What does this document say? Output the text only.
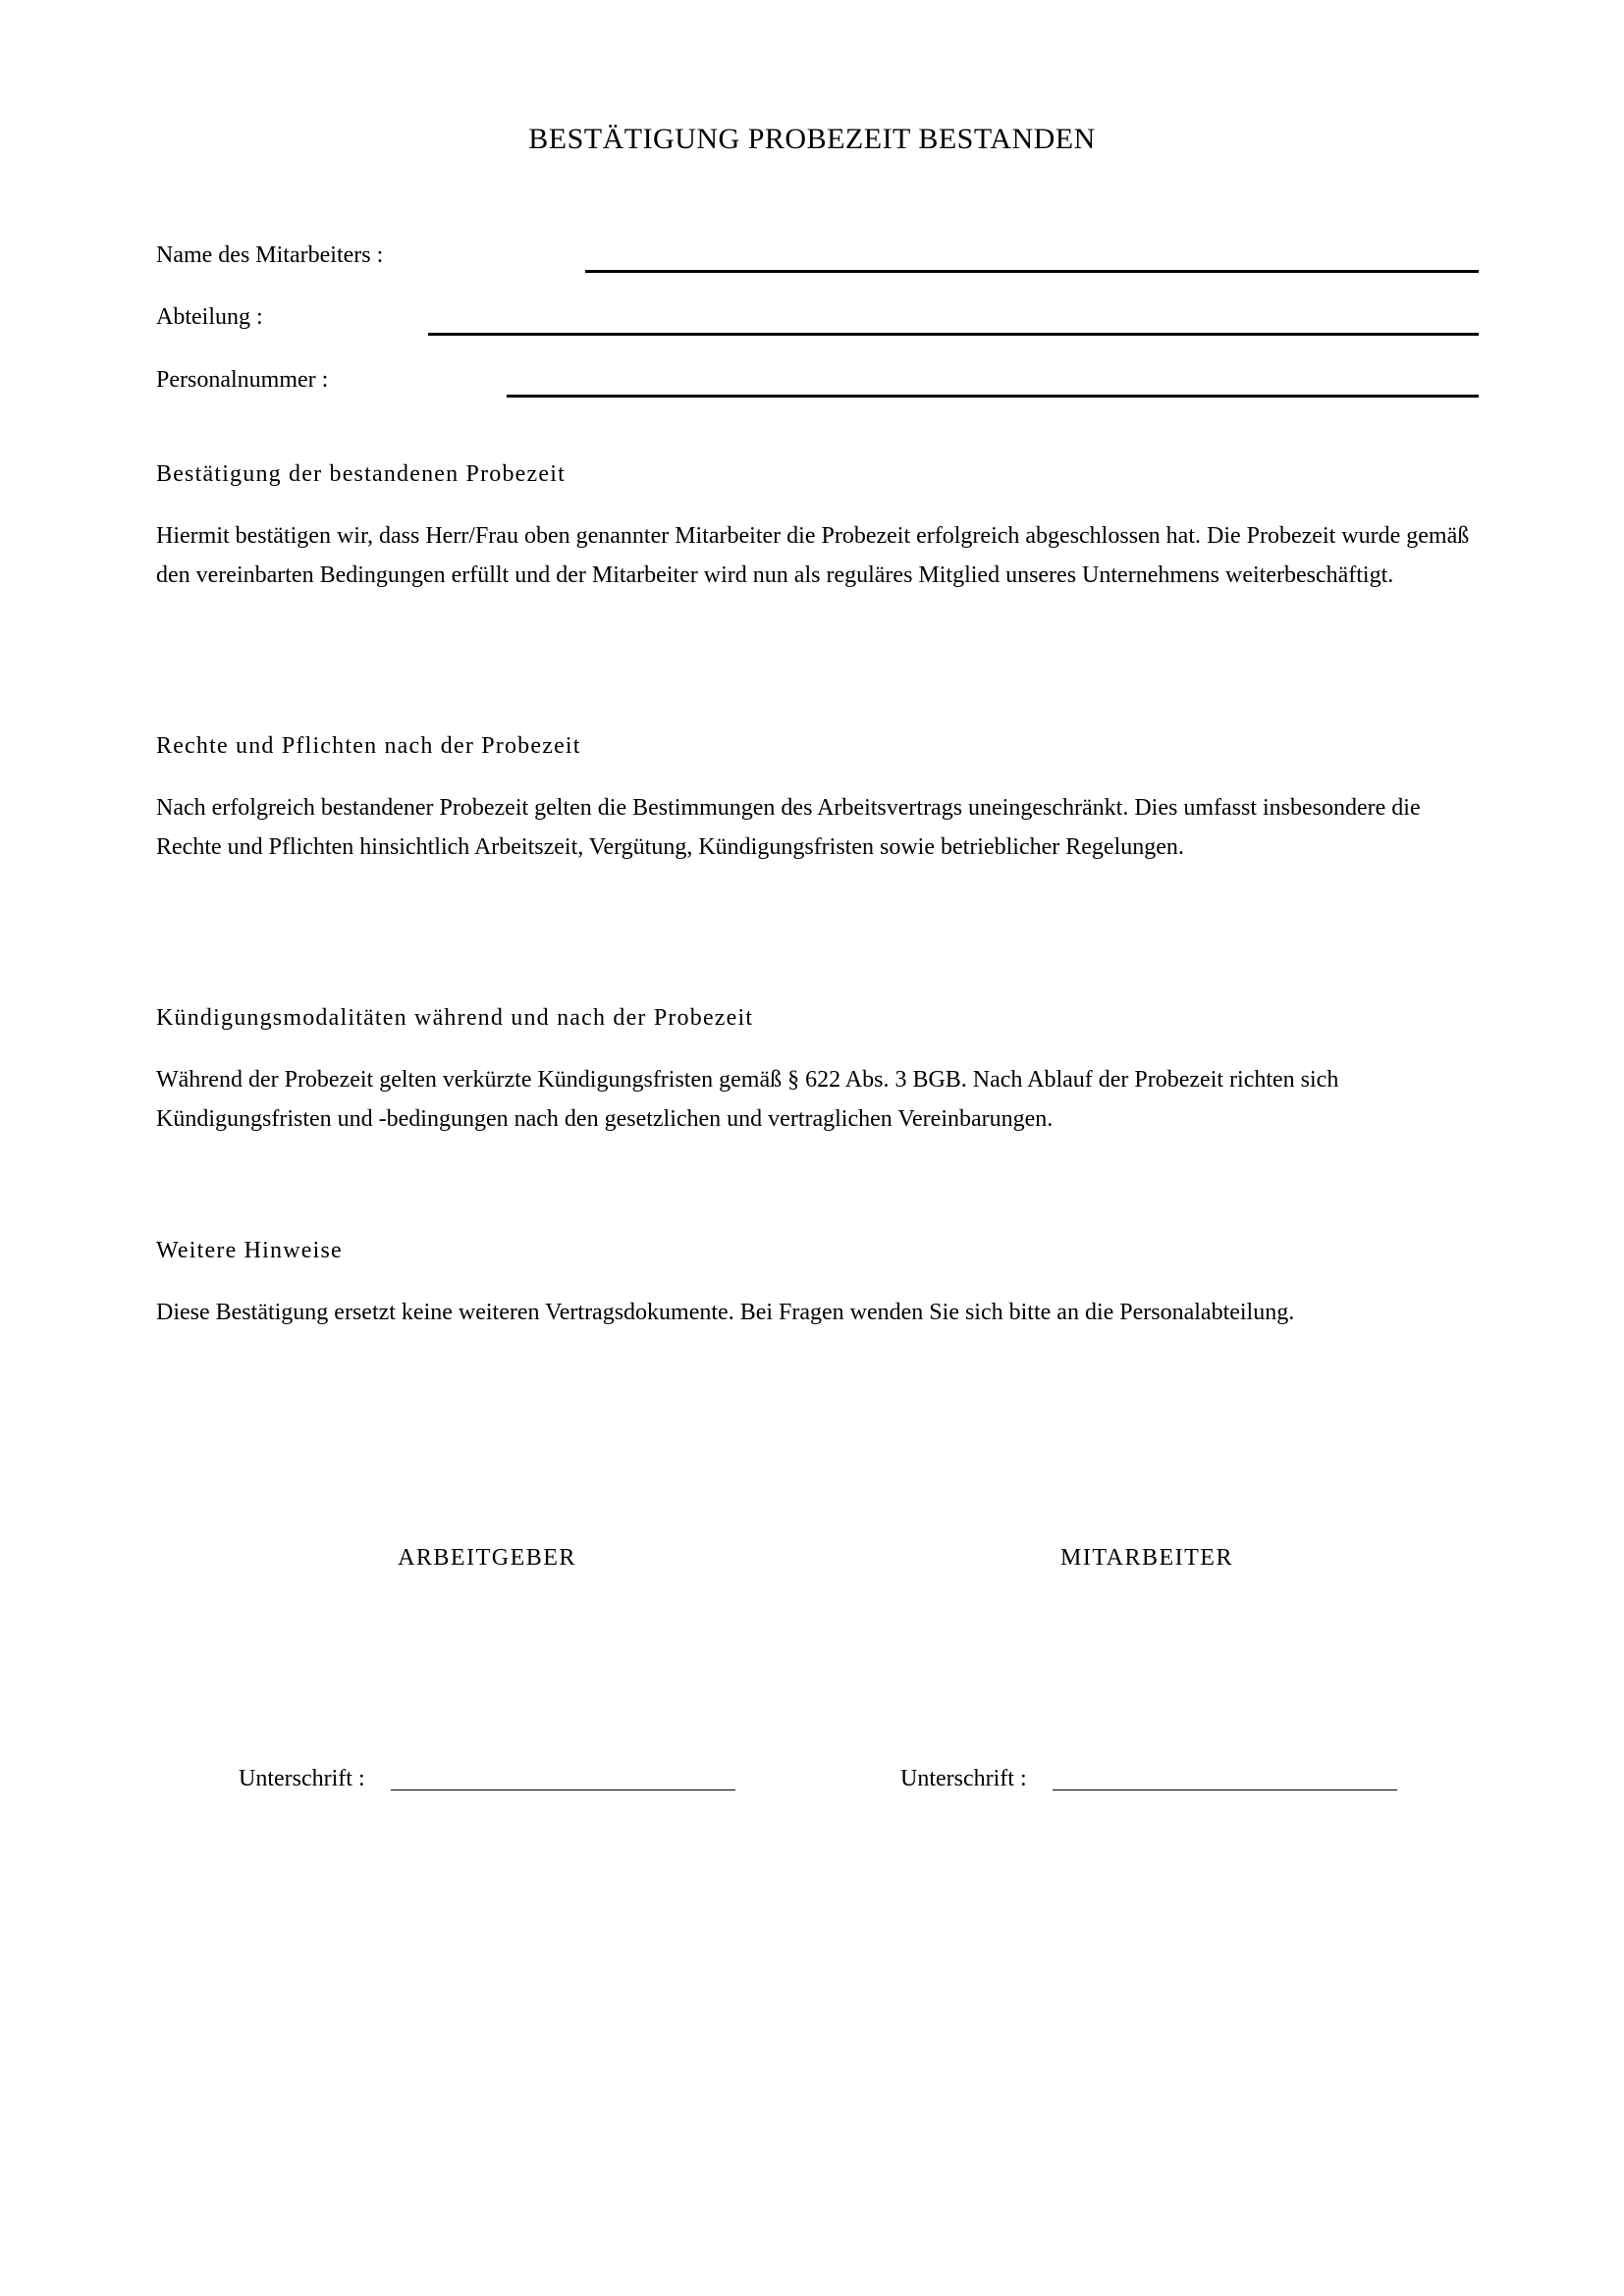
BESTÄTIGUNG PROBEZEIT BESTANDEN
Name des Mitarbeiters :
Abteilung :
Personalnummer :
Bestätigung der bestandenen Probezeit

Hiermit bestätigen wir, dass Herr/Frau oben genannter Mitarbeiter die Probezeit erfolgreich abgeschlossen hat. Die Probezeit wurde gemäß den vereinbarten Bedingungen erfüllt und der Mitarbeiter wird nun als reguläres Mitglied unseres Unternehmens weiterbeschäftigt.

Rechte und Pflichten nach der Probezeit

Nach erfolgreich bestandener Probezeit gelten die Bestimmungen des Arbeitsvertrags uneingeschränkt. Dies umfasst insbesondere die Rechte und Pflichten hinsichtlich Arbeitszeit, Vergütung, Kündigungsfristen sowie betrieblicher Regelungen.

Kündigungsmodalitäten während und nach der Probezeit

Während der Probezeit gelten verkürzte Kündigungsfristen gemäß § 622 Abs. 3 BGB. Nach Ablauf der Probezeit richten sich Kündigungsfristen und -bedingungen nach den gesetzlichen und vertraglichen Vereinbarungen.

Weitere Hinweise

Diese Bestätigung ersetzt keine weiteren Vertragsdokumente. Bei Fragen wenden Sie sich bitte an die Personalabteilung.

ARBEITGEBER	MITARBEITER
Unterschrift :	Unterschrift :
